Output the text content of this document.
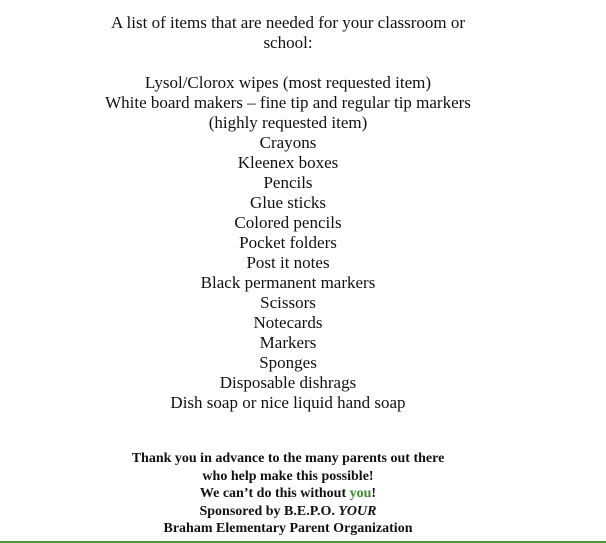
A list of items that are needed for your classroom or
school:

Lysol/Clorox wipes (most requested item)
White board makers – fine tip and regular tip markers
(highly requested item)
Crayons
Kleenex boxes
Pencils
Glue sticks
Colored pencils
Pocket folders
Post it notes
Black permanent markers
Scissors
Notecards
Markers
Sponges
Disposable dishrags
Dish soap or nice liquid hand soap
Thank you in advance to the many parents out there
who help make this possible!
We can’t do this without you!
Sponsored by B.E.P.O. YOUR
Braham Elementary Parent Organization
